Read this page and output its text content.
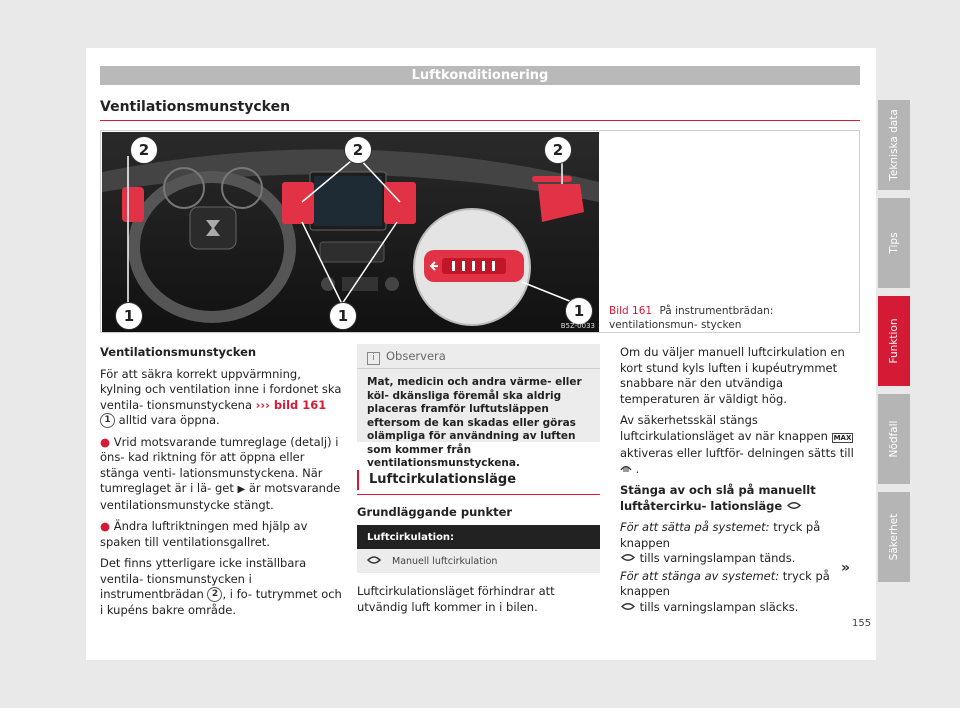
Luftkonditionering
Ventilationsmunstycken
2	2	2
1	1	1
B5Z-0033
Bild 161 På instrumentbrädan: ventilationsmun- stycken

Ventilationsmunstycken

För att säkra korrekt uppvärmning, kylning och ventilation inne i fordonet ska ventila- tionsmunstyckena ››› bild 161 1 alltid vara öppna.

● Vrid motsvarande tumreglage (detalj) i öns- kad riktning för att öppna eller stänga venti- lationsmunstyckena. När tumreglaget är i lä- get ▶ är motsvarande ventilationsmunstycke stängt.

● Ändra luftriktningen med hjälp av spaken till ventilationsgallret.

Det finns ytterligare icke inställbara ventila- tionsmunstycken i instrumentbrädan 2 , i fo- tutrymmet och i kupéns bakre område.

i Observera
Mat, medicin och andra värme- eller köl- dkänsliga föremål ska aldrig placeras framför luftutsläppen eftersom de kan skadas eller göras olämpliga för användning av luften som kommer från ventilationsmunstyckena.
Luftcirkulationsläge
Grundläggande punkter
Luftcirkulation:
	Manuell luftcirkulation
Luftcirkulationsläget förhindrar att utvändig luft kommer in i bilen.

Om du väljer manuell luftcirkulation en kort stund kyls luften i kupéutrymmet snabbare när den utvändiga temperaturen är väldigt hög.

Av säkerhetsskäl stängs luftcirkulationsläget av när knappen MAX aktiveras eller luftför- delningen sätts till  .

Stänga av och slå på manuellt luftåtercirku- lationsläge

För att sätta på systemet: tryck på knappen
tills varningslampan tänds.

För att stänga av systemet: tryck på knappen
tills varningslampan släcks.

»
Tekniska data
Tips
Funktion
Nödfall
Säkerhet
155
